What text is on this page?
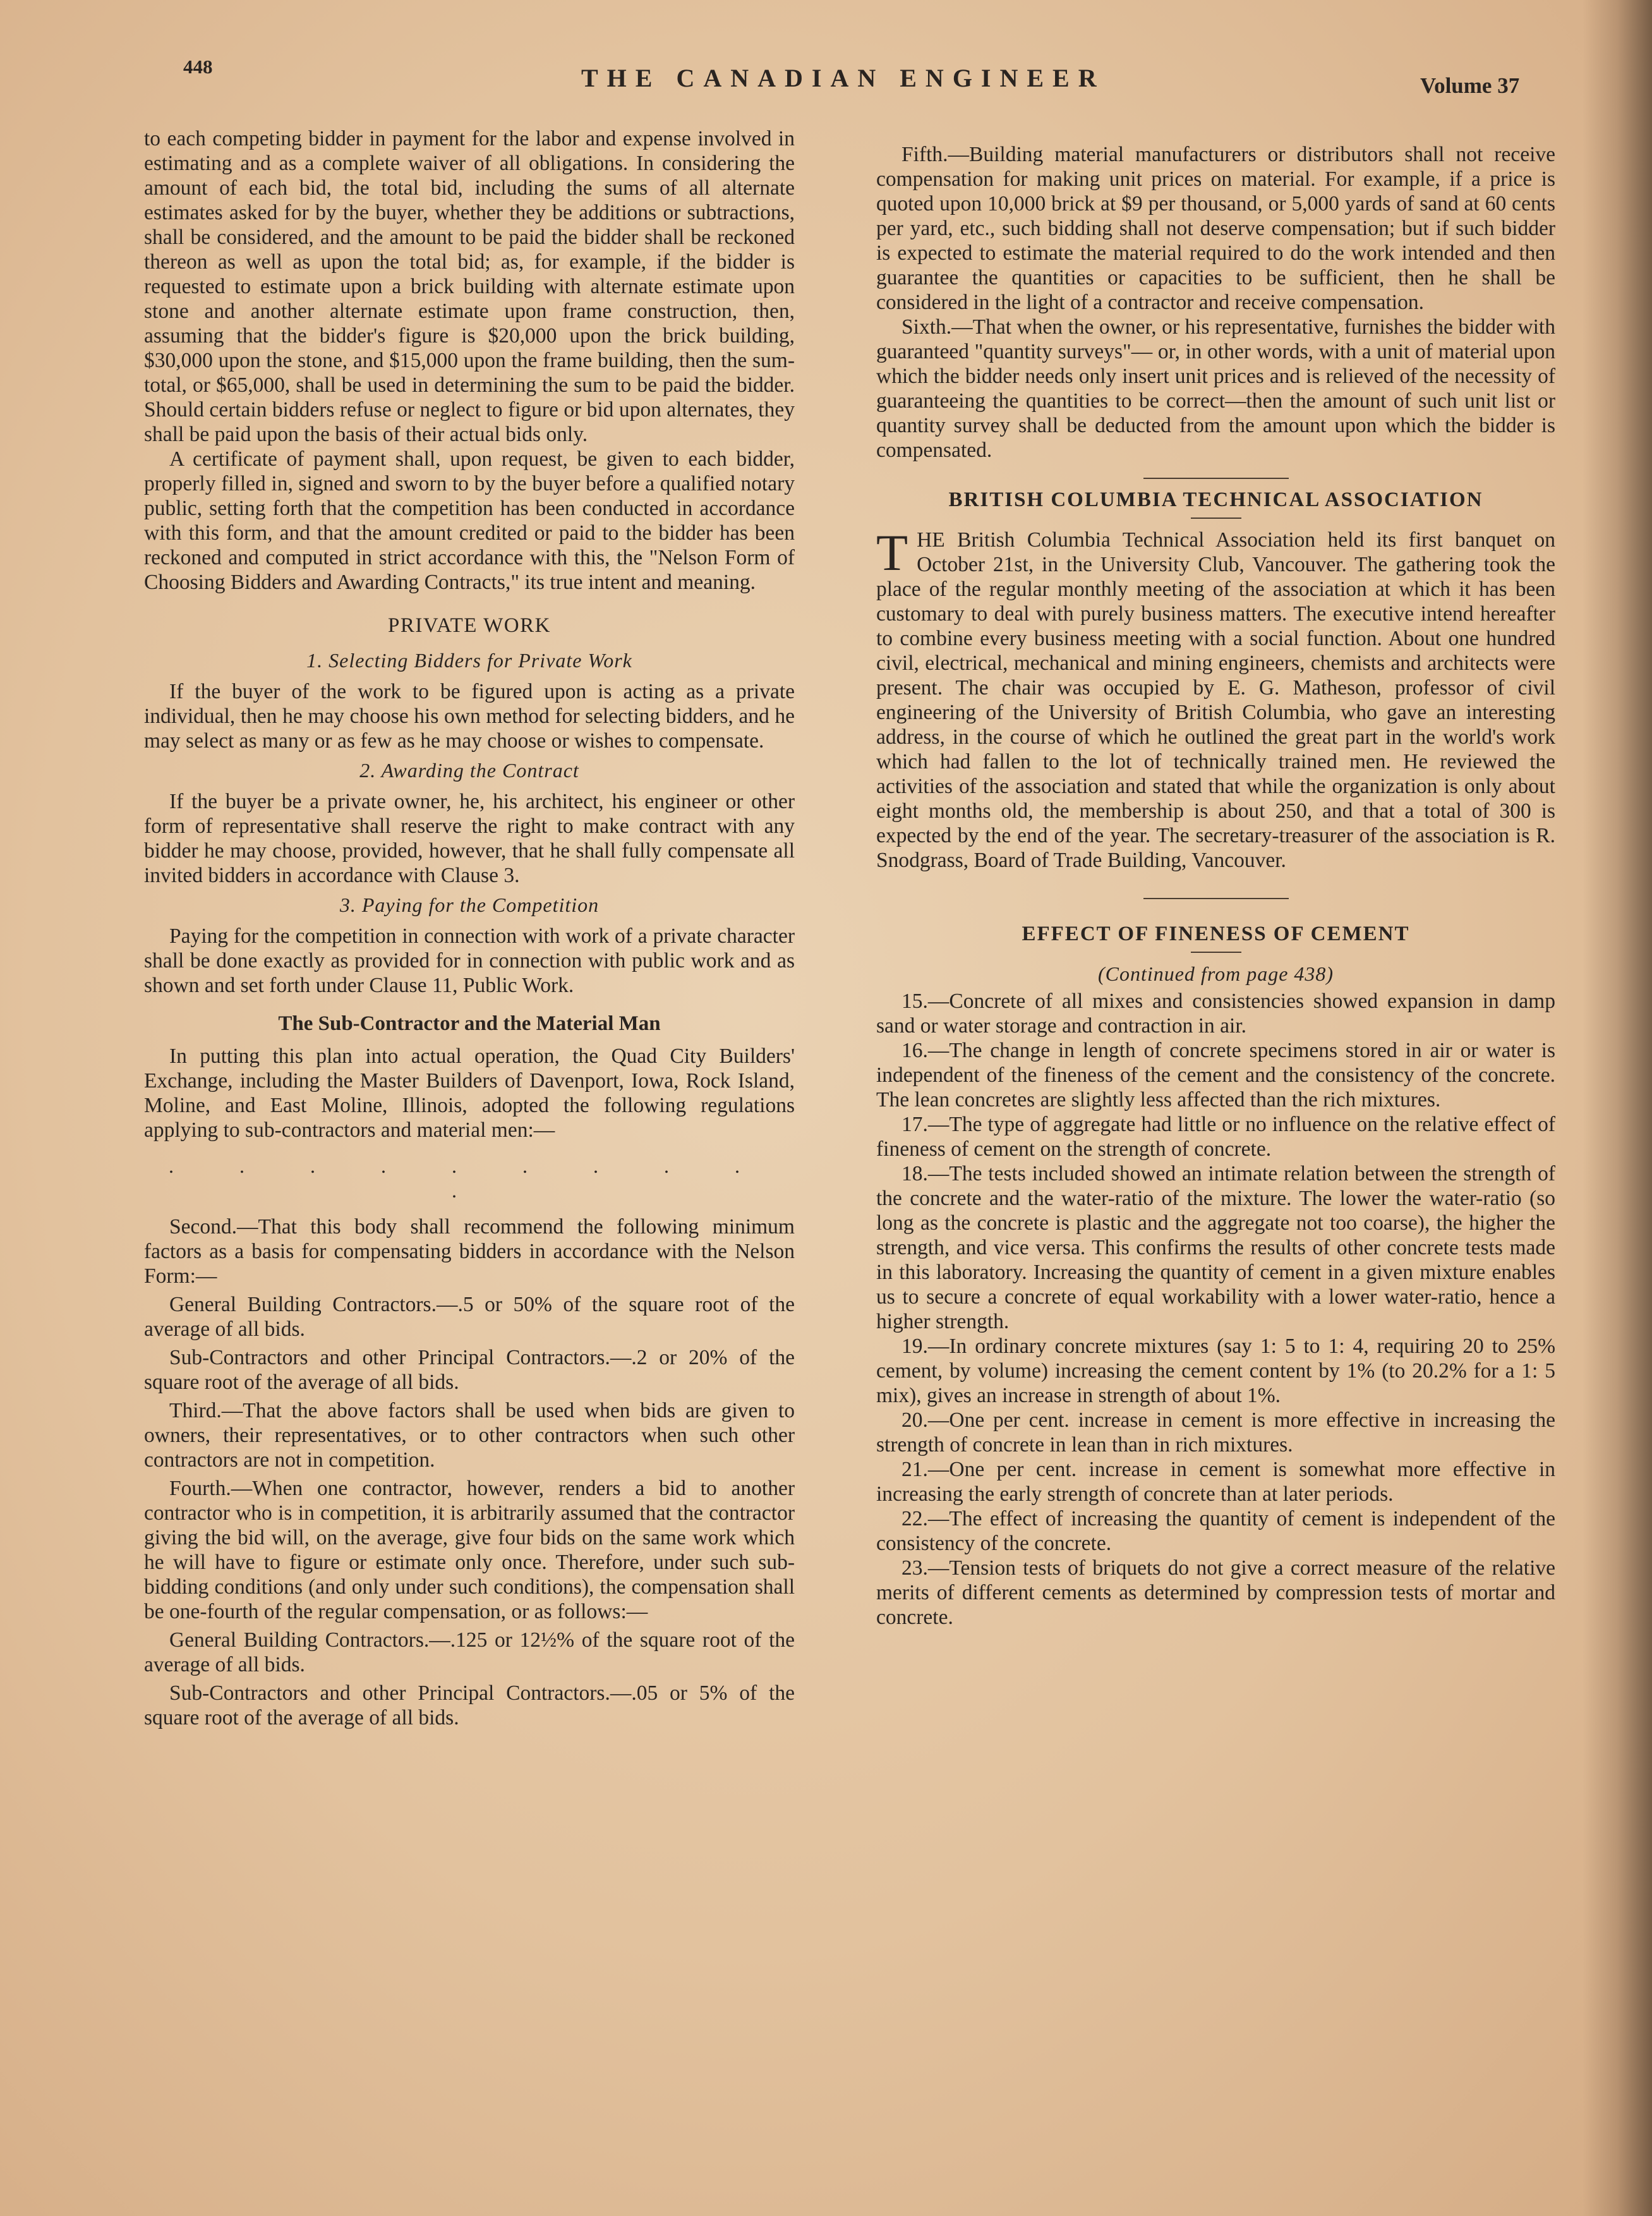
448	THE CANADIAN ENGINEER	Volume 37

to each competing bidder in payment for the labor and expense involved in estimating and as a complete waiver of all obligations. In considering the amount of each bid, the total bid, including the sums of all alternate estimates asked for by the buyer, whether they be additions or subtractions, shall be considered, and the amount to be paid the bidder shall be reckoned thereon as well as upon the total bid; as, for example, if the bidder is requested to estimate upon a brick building with alternate estimate upon stone and another alternate estimate upon frame construction, then, assuming that the bidder's figure is $20,000 upon the brick building, $30,000 upon the stone, and $15,000 upon the frame building, then the sum-total, or $65,000, shall be used in determining the sum to be paid the bidder. Should certain bidders refuse or neglect to figure or bid upon alternates, they shall be paid upon the basis of their actual bids only.

A certificate of payment shall, upon request, be given to each bidder, properly filled in, signed and sworn to by the buyer before a qualified notary public, setting forth that the competition has been conducted in accordance with this form, and that the amount credited or paid to the bidder has been reckoned and computed in strict accordance with this, the "Nelson Form of Choosing Bidders and Awarding Contracts," its true intent and meaning.

PRIVATE WORK
1. Selecting Bidders for Private Work

If the buyer of the work to be figured upon is acting as a private individual, then he may choose his own method for selecting bidders, and he may select as many or as few as he may choose or wishes to compensate.

2. Awarding the Contract

If the buyer be a private owner, he, his architect, his engineer or other form of representative shall reserve the right to make contract with any bidder he may choose, provided, however, that he shall fully compensate all invited bidders in accordance with Clause 3.

3. Paying for the Competition

Paying for the competition in connection with work of a private character shall be done exactly as provided for in connection with public work and as shown and set forth under Clause 11, Public Work.

The Sub-Contractor and the Material Man

In putting this plan into actual operation, the Quad City Builders' Exchange, including the Master Builders of Davenport, Iowa, Rock Island, Moline, and East Moline, Illinois, adopted the following regulations applying to sub-contractors and material men:—

. . . . . . . . . .

Second.—That this body shall recommend the following minimum factors as a basis for compensating bidders in accordance with the Nelson Form:—

General Building Contractors.—.5 or 50% of the square root of the average of all bids.

Sub-Contractors and other Principal Contractors.—.2 or 20% of the square root of the average of all bids.

Third.—That the above factors shall be used when bids are given to owners, their representatives, or to other contractors when such other contractors are not in competition.

Fourth.—When one contractor, however, renders a bid to another contractor who is in competition, it is arbitrarily assumed that the contractor giving the bid will, on the average, give four bids on the same work which he will have to figure or estimate only once. Therefore, under such sub-bidding conditions (and only under such conditions), the compensation shall be one-fourth of the regular compensation, or as follows:—

General Building Contractors.—.125 or 12½% of the square root of the average of all bids.

Sub-Contractors and other Principal Contractors.—.05 or 5% of the square root of the average of all bids.

Fifth.—Building material manufacturers or distributors shall not receive compensation for making unit prices on material. For example, if a price is quoted upon 10,000 brick at $9 per thousand, or 5,000 yards of sand at 60 cents per yard, etc., such bidding shall not deserve compensation; but if such bidder is expected to estimate the material required to do the work intended and then guarantee the quantities or capacities to be sufficient, then he shall be considered in the light of a contractor and receive compensation.

Sixth.—That when the owner, or his representative, furnishes the bidder with guaranteed "quantity surveys"— or, in other words, with a unit of material upon which the bidder needs only insert unit prices and is relieved of the necessity of guaranteeing the quantities to be correct—then the amount of such unit list or quantity survey shall be deducted from the amount upon which the bidder is compensated.

BRITISH COLUMBIA TECHNICAL ASSOCIATION

THE British Columbia Technical Association held its first banquet on October 21st, in the University Club, Vancouver. The gathering took the place of the regular monthly meeting of the association at which it has been customary to deal with purely business matters. The executive intend hereafter to combine every business meeting with a social function. About one hundred civil, electrical, mechanical and mining engineers, chemists and architects were present. The chair was occupied by E. G. Matheson, professor of civil engineering of the University of British Columbia, who gave an interesting address, in the course of which he outlined the great part in the world's work which had fallen to the lot of technically trained men. He reviewed the activities of the association and stated that while the organization is only about eight months old, the membership is about 250, and that a total of 300 is expected by the end of the year. The secretary-treasurer of the association is R. Snodgrass, Board of Trade Building, Vancouver.

EFFECT OF FINENESS OF CEMENT
(Continued from page 438)

15.—Concrete of all mixes and consistencies showed expansion in damp sand or water storage and contraction in air.

16.—The change in length of concrete specimens stored in air or water is independent of the fineness of the cement and the consistency of the concrete. The lean concretes are slightly less affected than the rich mixtures.

17.—The type of aggregate had little or no influence on the relative effect of fineness of cement on the strength of concrete.

18.—The tests included showed an intimate relation between the strength of the concrete and the water-ratio of the mixture. The lower the water-ratio (so long as the concrete is plastic and the aggregate not too coarse), the higher the strength, and vice versa. This confirms the results of other concrete tests made in this laboratory. Increasing the quantity of cement in a given mixture enables us to secure a concrete of equal workability with a lower water-ratio, hence a higher strength.

19.—In ordinary concrete mixtures (say 1: 5 to 1: 4, requiring 20 to 25% cement, by volume) increasing the cement content by 1% (to 20.2% for a 1: 5 mix), gives an increase in strength of about 1%.

20.—One per cent. increase in cement is more effective in increasing the strength of concrete in lean than in rich mixtures.

21.—One per cent. increase in cement is somewhat more effective in increasing the early strength of concrete than at later periods.

22.—The effect of increasing the quantity of cement is independent of the consistency of the concrete.

23.—Tension tests of briquets do not give a correct measure of the relative merits of different cements as determined by compression tests of mortar and concrete.
